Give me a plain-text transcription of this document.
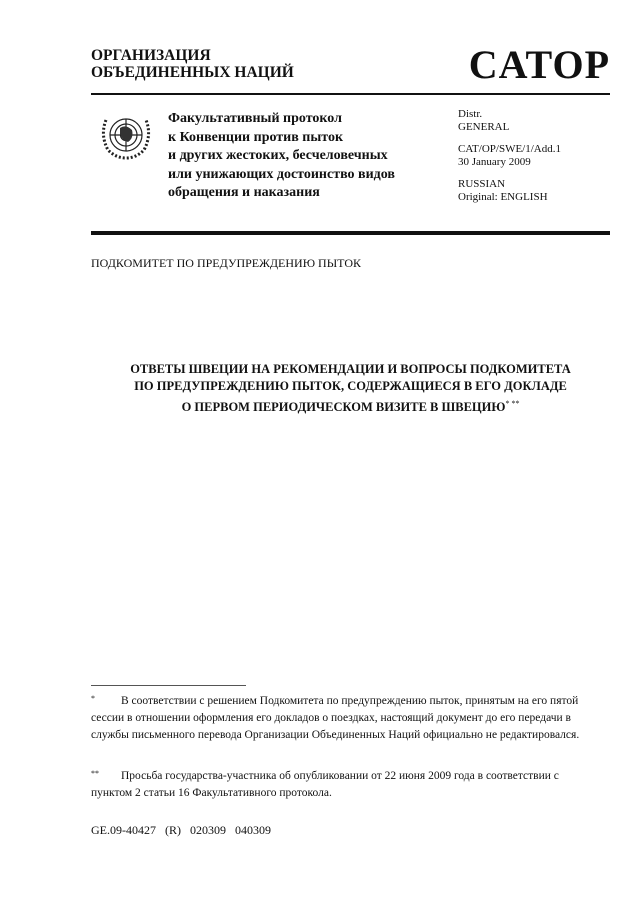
ОРГАНИЗАЦИЯ
ОБЪЕДИНЕННЫХ НАЦИЙ	CATOP
Факультативный протокол
к Конвенции против пыток
и других жестоких, бесчеловечных
или унижающих достоинство видов
обращения и наказания

Distr.
GENERAL

CAT/OP/SWE/1/Add.1
30 January 2009

RUSSIAN
Original: ENGLISH

ПОДКОМИТЕТ ПО ПРЕДУПРЕЖДЕНИЮ ПЫТОК
ОТВЕТЫ ШВЕЦИИ НА РЕКОМЕНДАЦИИ И ВОПРОСЫ ПОДКОМИТЕТА
ПО ПРЕДУПРЕЖДЕНИЮ ПЫТОК, СОДЕРЖАЩИЕСЯ В ЕГО ДОКЛАДЕ
О ПЕРВОМ ПЕРИОДИЧЕСКОМ ВИЗИТЕ В ШВЕЦИЮ* **
* В соответствии с решением Подкомитета по предупреждению пыток, принятым на его пятой сессии в отношении оформления его докладов о поездках, настоящий документ до его передачи в службы письменного перевода Организации Объединенных Наций официально не редактировался.
** Просьба государства-участника об опубликовании от 22 июня 2009 года в соответствии с пунктом 2 статьи 16 Факультативного протокола.
GE.09-40427   (R)   020309   040309
